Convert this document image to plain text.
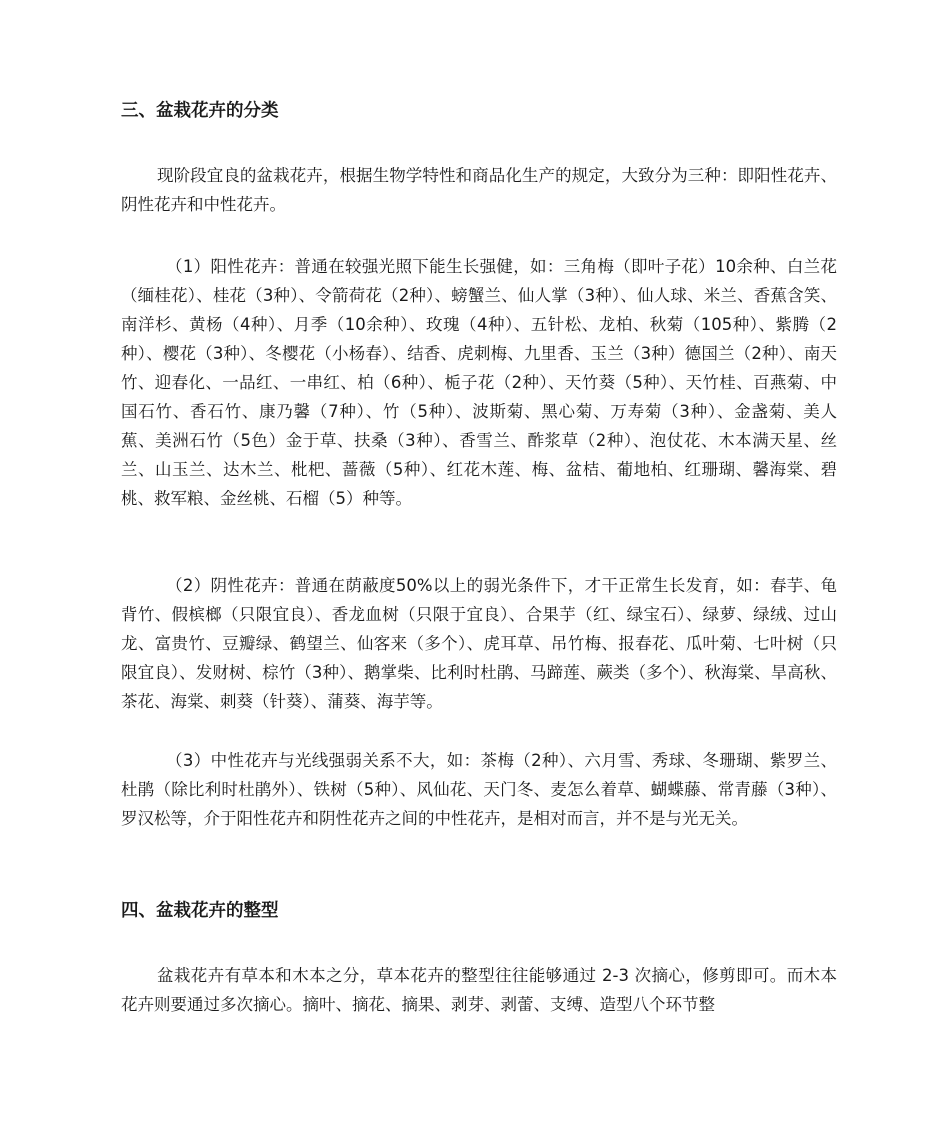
三、盆栽花卉的分类

现阶段宜良的盆栽花卉，根据生物学特性和商品化生产的规定，大致分为三种：即阳性花卉、阴性花卉和中性花卉。

（1）阳性花卉：普通在较强光照下能生长强健，如：三角梅（即叶子花）10余种、白兰花（缅桂花）、桂花（3种）、令箭荷花（2种）、螃蟹兰、仙人掌（3种）、仙人球、米兰、香蕉含笑、南洋杉、黄杨（4种）、月季（10余种）、玫瑰（4种）、五针松、龙柏、秋菊（105种）、紫腾（2种）、樱花（3种）、冬樱花（小杨春）、结香、虎刺梅、九里香、玉兰（3种）德国兰（2种）、南天竹、迎春化、一品红、一串红、柏（6种）、栀子花（2种）、天竹葵（5种）、天竹桂、百燕菊、中国石竹、香石竹、康乃馨（7种）、竹（5种）、波斯菊、黑心菊、万寿菊（3种）、金盏菊、美人蕉、美洲石竹（5色）金于草、扶桑（3种）、香雪兰、酢浆草（2种）、泡仗花、木本满天星、丝兰、山玉兰、达木兰、枇杷、蔷薇（5种）、红花木莲、梅、盆桔、葡地柏、红珊瑚、馨海棠、碧桃、救军粮、金丝桃、石榴（5）种等。

（2）阴性花卉：普通在荫蔽度50%以上的弱光条件下，才干正常生长发育，如：春芋、龟背竹、假槟榔（只限宜良）、香龙血树（只限于宜良）、合果芋（红、绿宝石）、绿萝、绿绒、过山龙、富贵竹、豆瓣绿、鹤望兰、仙客来（多个）、虎耳草、吊竹梅、报春花、瓜叶菊、七叶树（只限宜良）、发财树、棕竹（3种）、鹅掌柴、比利时杜鹃、马蹄莲、蕨类（多个）、秋海棠、旱高秋、茶花、海棠、刺葵（针葵）、蒲葵、海芋等。

（3）中性花卉与光线强弱关系不大，如：茶梅（2种）、六月雪、秀球、冬珊瑚、紫罗兰、杜鹃（除比利时杜鹃外）、铁树（5种）、风仙花、天门冬、麦怎么着草、蝴蝶藤、常青藤（3种）、罗汉松等，介于阳性花卉和阴性花卉之间的中性花卉，是相对而言，并不是与光无关。

四、盆栽花卉的整型

盆栽花卉有草本和木本之分，草本花卉的整型往往能够通过 2-3 次摘心，修剪即可。而木本花卉则要通过多次摘心。摘叶、摘花、摘果、剥芽、剥蕾、支缚、造型八个环节整
